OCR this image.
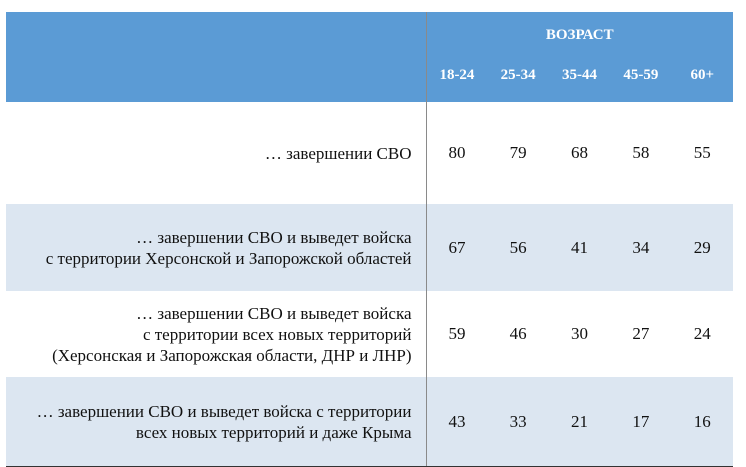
	ВОЗРАСТ				
	18-24	25-34	35-44	45-59	60+

… завершении СВО	80	79	68	58	55

… завершении СВО и выведет войска
с территории Херсонской и Запорожской областей	67	56	41	34	29

… завершении СВО и выведет войска
с территории всех новых территорий
(Херсонская и Запорожская области, ДНР и ЛНР)	59	46	30	27	24

… завершении СВО и выведет войска с территории
всех новых территорий и даже Крыма	43	33	21	17	16
